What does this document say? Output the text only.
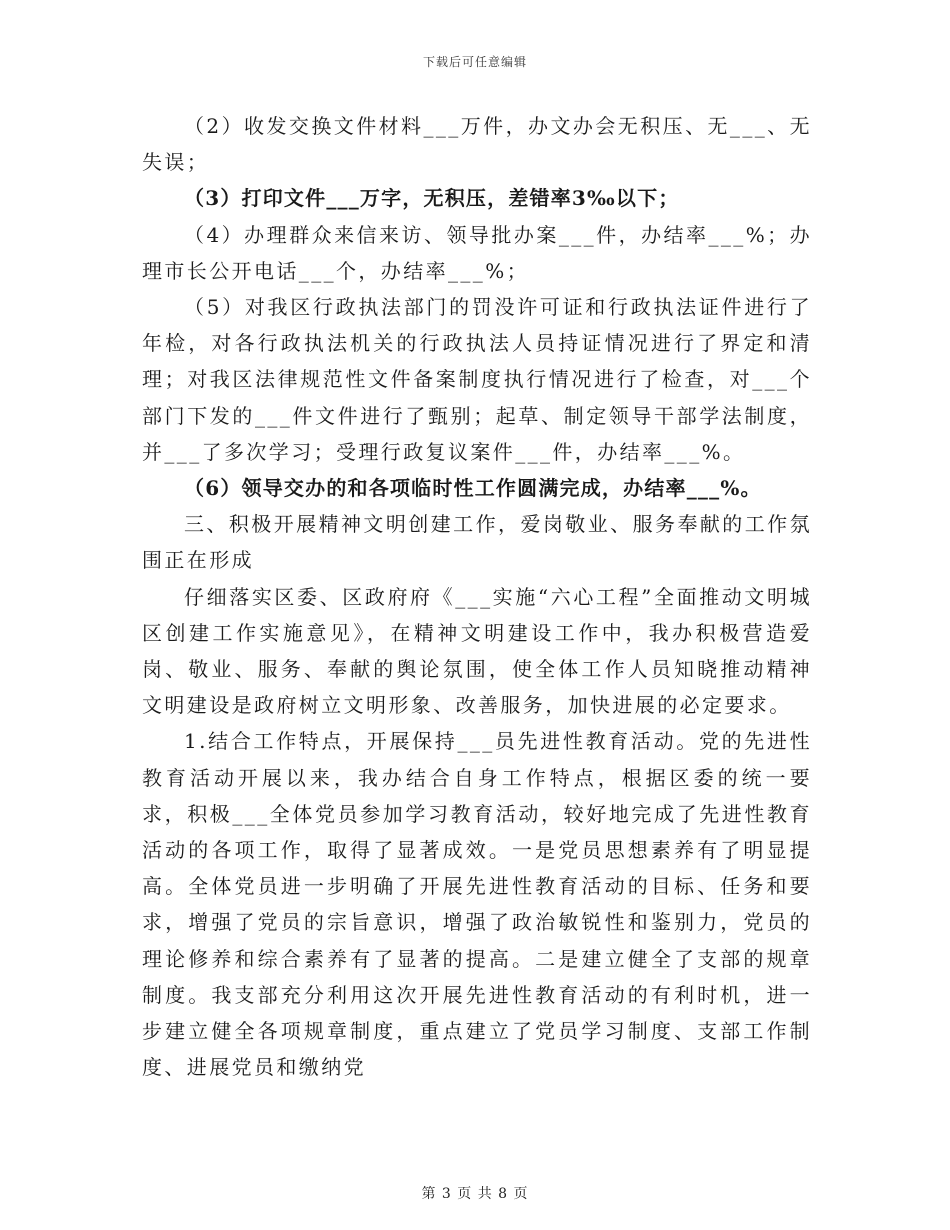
下载后可任意编辑

（2）收发交换文件材料___万件，办文办会无积压、无___、无失误；

（3）打印文件___万字，无积压，差错率3‰以下；

（4）办理群众来信来访、领导批办案___件，办结率___%；办理市长公开电话___个，办结率___%；

（5）对我区行政执法部门的罚没许可证和行政执法证件进行了年检，对各行政执法机关的行政执法人员持证情况进行了界定和清理；对我区法律规范性文件备案制度执行情况进行了检查，对___个部门下发的___件文件进行了甄别；起草、制定领导干部学法制度，并___了多次学习；受理行政复议案件___件，办结率___%。

（6）领导交办的和各项临时性工作圆满完成，办结率___%。

三、积极开展精神文明创建工作，爱岗敬业、服务奉献的工作氛围正在形成

仔细落实区委、区政府府《___实施“六心工程”全面推动文明城区创建工作实施意见》，在精神文明建设工作中，我办积极营造爱岗、敬业、服务、奉献的舆论氛围，使全体工作人员知晓推动精神文明建设是政府树立文明形象、改善服务，加快进展的必定要求。

1.结合工作特点，开展保持___员先进性教育活动。党的先进性教育活动开展以来，我办结合自身工作特点，根据区委的统一要求，积极___全体党员参加学习教育活动，较好地完成了先进性教育活动的各项工作，取得了显著成效。一是党员思想素养有了明显提高。全体党员进一步明确了开展先进性教育活动的目标、任务和要求，增强了党员的宗旨意识，增强了政治敏锐性和鉴别力，党员的理论修养和综合素养有了显著的提高。二是建立健全了支部的规章制度。我支部充分利用这次开展先进性教育活动的有利时机，进一步建立健全各项规章制度，重点建立了党员学习制度、支部工作制度、进展党员和缴纳党

第 3 页 共 8 页
